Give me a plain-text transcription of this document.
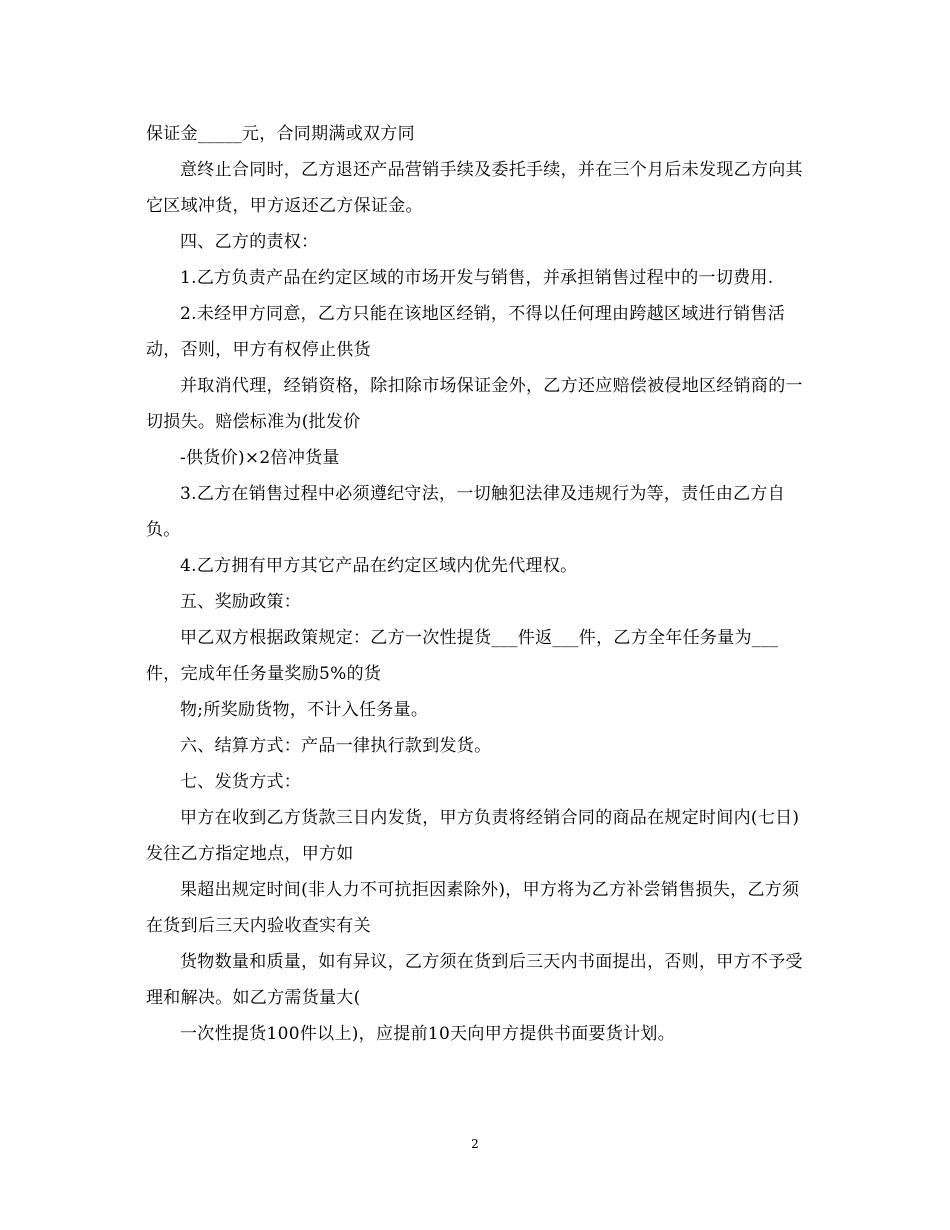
保证金_____元，合同期满或双方同

意终止合同时，乙方退还产品营销手续及委托手续，并在三个月后未发现乙方向其它区域冲货，甲方返还乙方保证金。

四、乙方的责权：

1.乙方负责产品在约定区域的市场开发与销售，并承担销售过程中的一切费用.

2.未经甲方同意，乙方只能在该地区经销，不得以任何理由跨越区域进行销售活动，否则，甲方有权停止供货

并取消代理，经销资格，除扣除市场保证金外，乙方还应赔偿被侵地区经销商的一切损失。赔偿标准为(批发价

-供货价)×2倍冲货量

3.乙方在销售过程中必须遵纪守法，一切触犯法律及违规行为等，责任由乙方自负。

4.乙方拥有甲方其它产品在约定区域内优先代理权。

五、奖励政策：

甲乙双方根据政策规定：乙方一次性提货___件返___件，乙方全年任务量为___件，完成年任务量奖励5%的货

物;所奖励货物，不计入任务量。

六、结算方式：产品一律执行款到发货。

七、发货方式：

甲方在收到乙方货款三日内发货，甲方负责将经销合同的商品在规定时间内(七日)发往乙方指定地点，甲方如

果超出规定时间(非人力不可抗拒因素除外)，甲方将为乙方补尝销售损失，乙方须在货到后三天内验收查实有关

货物数量和质量，如有异议，乙方须在货到后三天内书面提出，否则，甲方不予受理和解决。如乙方需货量大(

一次性提货100件以上)，应提前10天向甲方提供书面要货计划。

2
